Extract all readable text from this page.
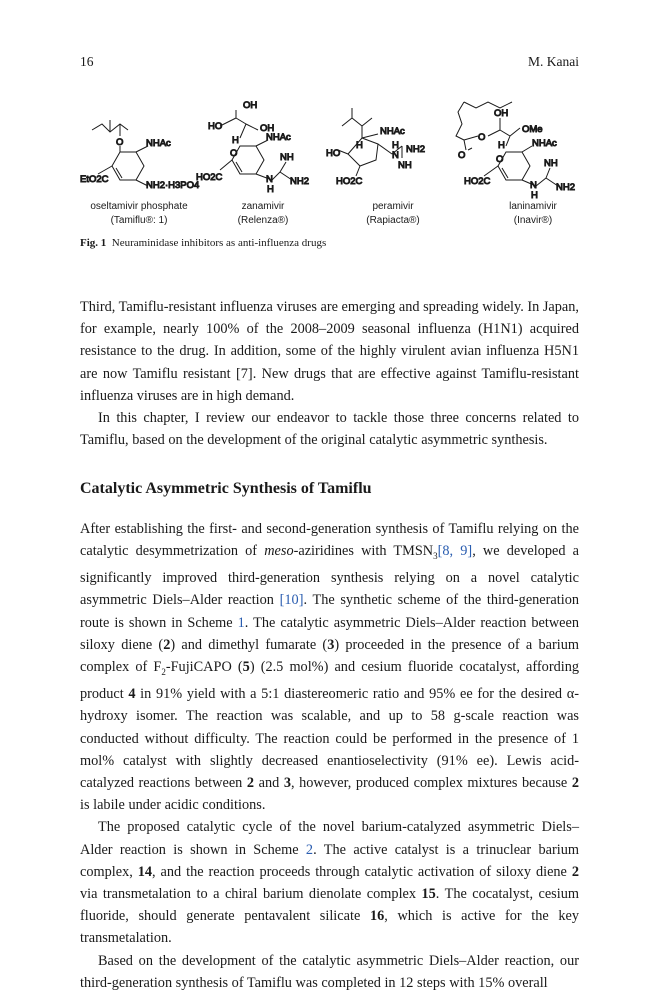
16	M. Kanai
O NHAc
EtO2C
NH2·H3PO4
OH
HO	OH
H
O
NHAc
NH
N
H
NH2
HO2C
NHAc
H
HO	N
H NH2
NH
HO2C
OH
OMe
O
O
H
O
NHAc
NH
N
H
NH2
HO2C
oseltamivir phosphate
(Tamiflu®: 1)
zanamivir
(Relenza®)
peramivir
(Rapiacta®)
laninamivir
(Inavir®)
Fig. 1 Neuraminidase inhibitors as anti-influenza drugs

Third, Tamiflu-resistant influenza viruses are emerging and spreading widely. In Japan, for example, nearly 100% of the 2008–2009 seasonal influenza (H1N1) acquired resistance to the drug. In addition, some of the highly virulent avian influenza H5N1 are now Tamiflu resistant [7]. New drugs that are effective against Tamiflu-resistant influenza viruses are in high demand.

In this chapter, I review our endeavor to tackle those three concerns related to Tamiflu, based on the development of the original catalytic asymmetric synthesis.

Catalytic Asymmetric Synthesis of Tamiflu

After establishing the first- and second-generation synthesis of Tamiflu relying on the catalytic desymmetrization of meso-aziridines with $TMSN_3[8$, 9], we developed a significantly improved third-generation synthesis relying on a novel catalytic asymmetric Diels–Alder reaction [10]. The synthetic scheme of the third-generation route is shown in Scheme 1. The catalytic asymmetric Diels–Alder reaction between siloxy diene (2) and dimethyl fumarate (3) proceeded in the presence of a barium complex of $F_2$-FujiCAPO (5) (2.5 mol%) and cesium fluoride cocatalyst, affording product 4 in 91% yield with a 5:1 diastereomeric ratio and 95% ee for the desired α-hydroxy isomer. The reaction was scalable, and up to 58 g-scale reaction was conducted without difficulty. The reaction could be performed in the presence of 1 mol% catalyst with slightly decreased enantioselectivity (91% ee). Lewis acid-catalyzed reactions between 2 and 3, however, produced complex mixtures because 2 is labile under acidic conditions.

The proposed catalytic cycle of the novel barium-catalyzed asymmetric Diels–Alder reaction is shown in Scheme 2. The active catalyst is a trinuclear barium complex, 14, and the reaction proceeds through catalytic activation of siloxy diene 2 via transmetalation to a chiral barium dienolate complex 15. The cocatalyst, cesium fluoride, should generate pentavalent silicate 16, which is active for the key transmetalation.

Based on the development of the catalytic asymmetric Diels–Alder reaction, our third-generation synthesis of Tamiflu was completed in 12 steps with 15% overall
